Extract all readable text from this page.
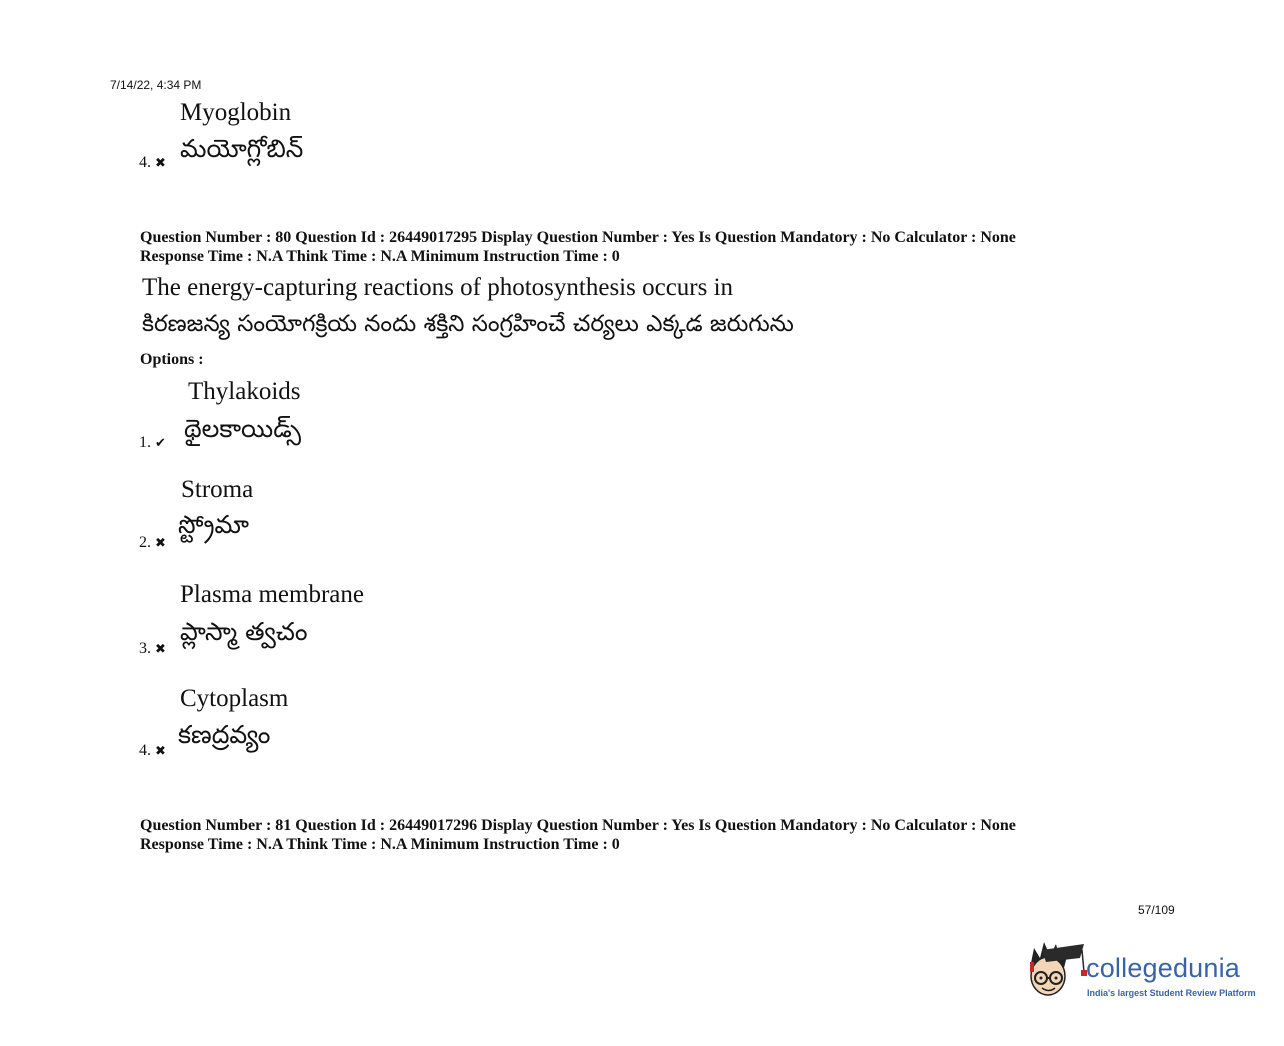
7/14/22, 4:34 PM
Myoglobin
మయోగ్లోబిన్
4. ✖
Question Number : 80 Question Id : 26449017295 Display Question Number : Yes Is Question Mandatory : No Calculator : None
Response Time : N.A Think Time : N.A Minimum Instruction Time : 0
The energy-capturing reactions of photosynthesis occurs in
కిరణజన్య సంయోగక్రియ నందు శక్తిని సంగ్రహించే చర్యలు ఎక్కడ జరుగును
Options :
Thylakoids
థైలకాయిడ్స్
1. ✔
Stroma
స్ట్రోమా
2. ✖
Plasma membrane
ప్లాస్మా త్వచం
3. ✖
Cytoplasm
కణద్రవ్యం
4. ✖
Question Number : 81 Question Id : 26449017296 Display Question Number : Yes Is Question Mandatory : No Calculator : None
Response Time : N.A Think Time : N.A Minimum Instruction Time : 0
57/109
collegedunia
India's largest Student Review Platform
